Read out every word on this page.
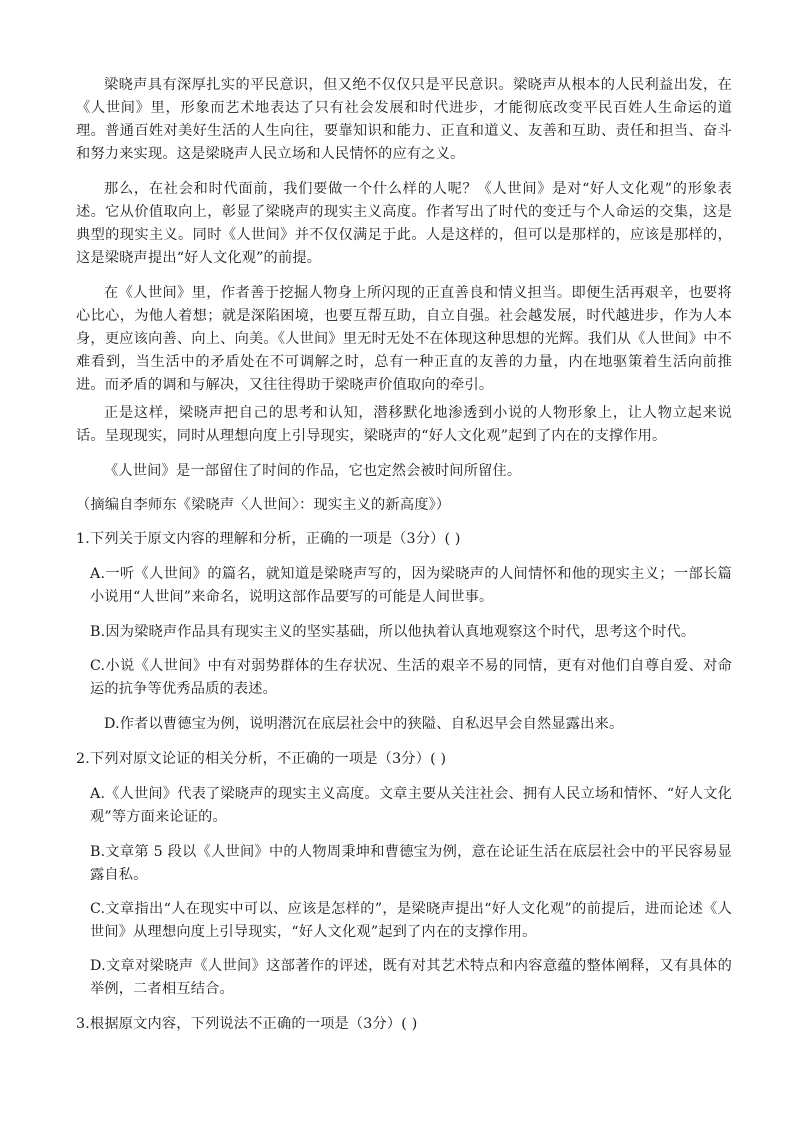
梁晓声具有深厚扎实的平民意识，但又绝不仅仅只是平民意识。梁晓声从根本的人民利益出发，在《人世间》里，形象而艺术地表达了只有社会发展和时代进步，才能彻底改变平民百姓人生命运的道理。普通百姓对美好生活的人生向往，要靠知识和能力、正直和道义、友善和互助、责任和担当、奋斗和努力来实现。这是梁晓声人民立场和人民情怀的应有之义。

那么，在社会和时代面前，我们要做一个什么样的人呢？《人世间》是对“好人文化观”的形象表述。它从价值取向上，彰显了梁晓声的现实主义高度。作者写出了时代的变迁与个人命运的交集，这是典型的现实主义。同时《人世间》并不仅仅满足于此。人是这样的，但可以是那样的，应该是那样的，这是梁晓声提出“好人文化观”的前提。

在《人世间》里，作者善于挖掘人物身上所闪现的正直善良和情义担当。即便生活再艰辛，也要将心比心，为他人着想；就是深陷困境，也要互帮互助，自立自强。社会越发展，时代越进步，作为人本身，更应该向善、向上、向美。《人世间》里无时无处不在体现这种思想的光辉。我们从《人世间》中不难看到，当生活中的矛盾处在不可调解之时，总有一种正直的友善的力量，内在地驱策着生活向前推进。而矛盾的调和与解决，又往往得助于梁晓声价值取向的牵引。

正是这样，梁晓声把自己的思考和认知，潜移默化地渗透到小说的人物形象上，让人物立起来说话。呈现现实，同时从理想向度上引导现实，梁晓声的“好人文化观”起到了内在的支撑作用。

《人世间》是一部留住了时间的作品，它也定然会被时间所留住。

（摘编自李师东《梁晓声〈人世间〉：现实主义的新高度》）

1.下列关于原文内容的理解和分析，正确的一项是（3分）( )

A.一听《人世间》的篇名，就知道是梁晓声写的，因为梁晓声的人间情怀和他的现实主义；一部长篇小说用“人世间”来命名，说明这部作品要写的可能是人间世事。

B.因为梁晓声作品具有现实主义的坚实基础，所以他执着认真地观察这个时代，思考这个时代。

C.小说《人世间》中有对弱势群体的生存状况、生活的艰辛不易的同情，更有对他们自尊自爱、对命运的抗争等优秀品质的表述。

D.作者以曹德宝为例，说明潜沉在底层社会中的狭隘、自私迟早会自然显露出来。

2.下列对原文论证的相关分析，不正确的一项是（3分）( )

A.《人世间》代表了梁晓声的现实主义高度。文章主要从关注社会、拥有人民立场和情怀、“好人文化观”等方面来论证的。

B.文章第 5 段以《人世间》中的人物周秉坤和曹德宝为例，意在论证生活在底层社会中的平民容易显露自私。

C.文章指出“人在现实中可以、应该是怎样的”，是梁晓声提出“好人文化观”的前提后，进而论述《人世间》从理想向度上引导现实，“好人文化观”起到了内在的支撑作用。

D.文章对梁晓声《人世间》这部著作的评述，既有对其艺术特点和内容意蕴的整体阐释，又有具体的举例，二者相互结合。

3.根据原文内容，下列说法不正确的一项是（3分）( )
